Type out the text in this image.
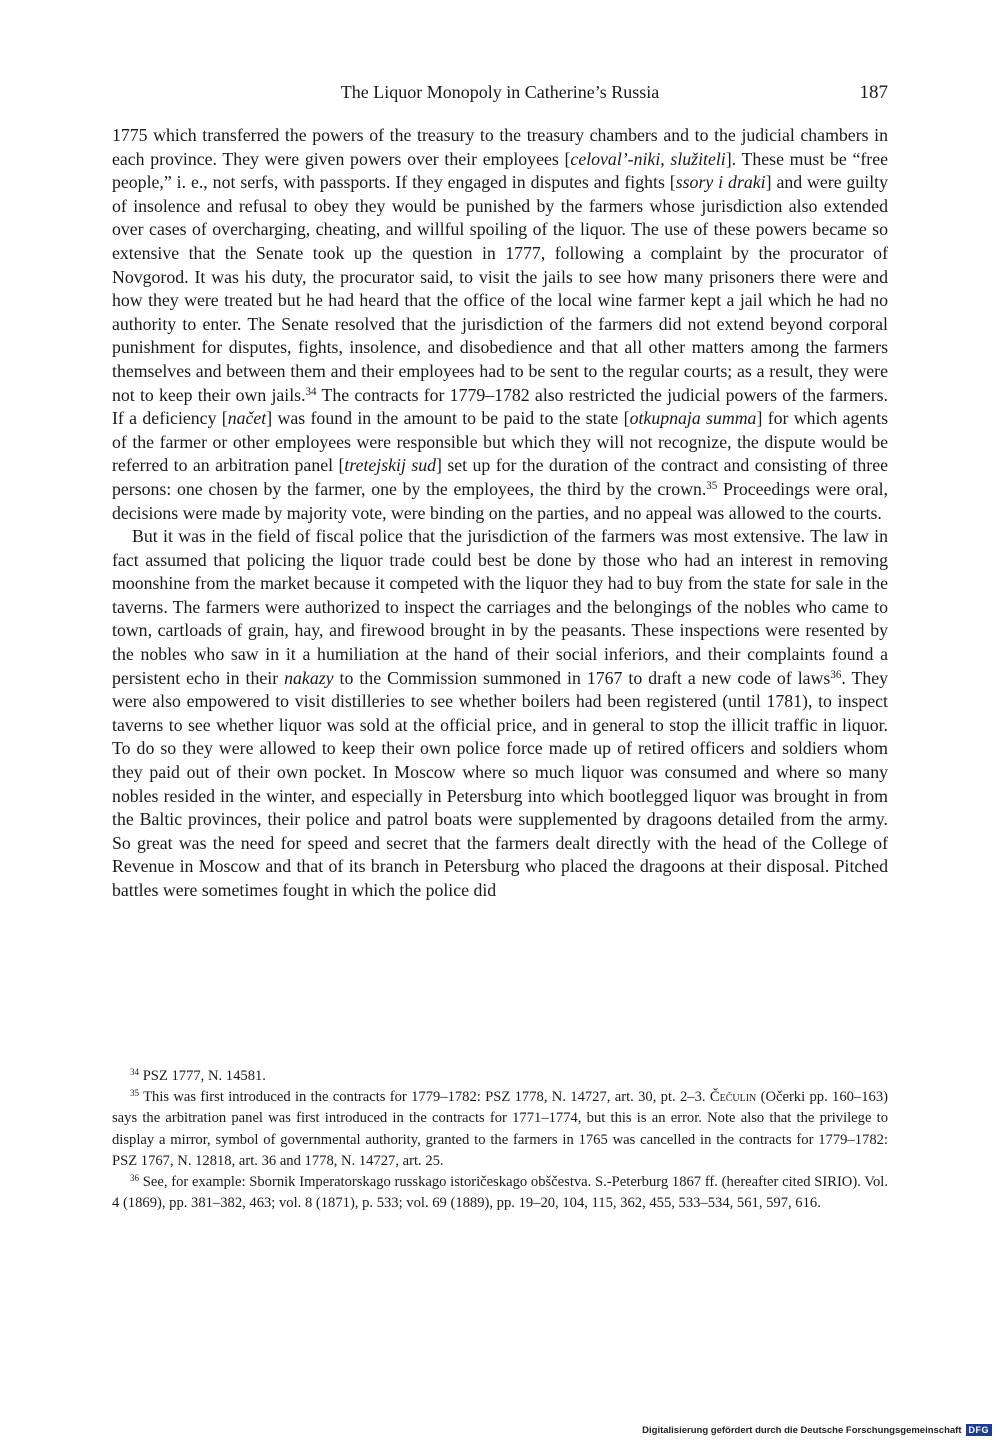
The Liquor Monopoly in Catherine’s Russia	187

1775 which transferred the powers of the treasury to the treasury chambers and to the judicial chambers in each province. They were given powers over their employees [celoval’-niki, služiteli]. These must be “free people,” i. e., not serfs, with passports. If they engaged in disputes and fights [ssory i draki] and were guilty of insolence and refusal to obey they would be punished by the farmers whose jurisdiction also extended over cases of overcharging, cheating, and willful spoiling of the liquor. The use of these powers became so extensive that the Senate took up the question in 1777, following a complaint by the procurator of Novgorod. It was his duty, the procurator said, to visit the jails to see how many prisoners there were and how they were treated but he had heard that the office of the local wine farmer kept a jail which he had no authority to enter. The Senate resolved that the jurisdiction of the farmers did not extend beyond corporal punishment for disputes, fights, insolence, and disobedience and that all other matters among the farmers themselves and between them and their employees had to be sent to the regular courts; as a result, they were not to keep their own jails.$^{34}$ The contracts for 1779–1782 also restricted the judicial powers of the farmers. If a deficiency [načet] was found in the amount to be paid to the state [otkupnaja summa] for which agents of the farmer or other employees were responsible but which they will not recognize, the dispute would be referred to an arbitration panel [tretejskij sud] set up for the duration of the contract and consisting of three persons: one chosen by the farmer, one by the employees, the third by the crown.$^{35}$ Proceedings were oral, decisions were made by majority vote, were binding on the parties, and no appeal was allowed to the courts.

But it was in the field of fiscal police that the jurisdiction of the farmers was most extensive. The law in fact assumed that policing the liquor trade could best be done by those who had an interest in removing moonshine from the market because it competed with the liquor they had to buy from the state for sale in the taverns. The farmers were authorized to inspect the carriages and the belongings of the nobles who came to town, cartloads of grain, hay, and firewood brought in by the peasants. These inspections were resented by the nobles who saw in it a humiliation at the hand of their social inferiors, and their complaints found a persistent echo in their nakazy to the Commission summoned in 1767 to draft a new code of laws$^{36}$. They were also empowered to visit distilleries to see whether boilers had been registered (until 1781), to inspect taverns to see whether liquor was sold at the official price, and in general to stop the illicit traffic in liquor. To do so they were allowed to keep their own police force made up of retired officers and soldiers whom they paid out of their own pocket. In Moscow where so much liquor was consumed and where so many nobles resided in the winter, and especially in Petersburg into which bootlegged liquor was brought in from the Baltic provinces, their police and patrol boats were supplemented by dragoons detailed from the army. So great was the need for speed and secret that the farmers dealt directly with the head of the College of Revenue in Moscow and that of its branch in Petersburg who placed the dragoons at their disposal. Pitched battles were sometimes fought in which the police did

$^{34}$ PSZ 1777, N. 14581.

$^{35}$ This was first introduced in the contracts for 1779–1782: PSZ 1778, N. 14727, art. 30, pt. 2–3. Čečulin (Očerki pp. 160–163) says the arbitration panel was first introduced in the contracts for 1771–1774, but this is an error. Note also that the privilege to display a mirror, symbol of governmental authority, granted to the farmers in 1765 was cancelled in the contracts for 1779–1782: PSZ 1767, N. 12818, art. 36 and 1778, N. 14727, art. 25.

$^{36}$ See, for example: Sbornik Imperatorskago russkago istoričeskago obščestva. S.-Peterburg 1867 ff. (hereafter cited SIRIO). Vol. 4 (1869), pp. 381–382, 463; vol. 8 (1871), p. 533; vol. 69 (1889), pp. 19–20, 104, 115, 362, 455, 533–534, 561, 597, 616.

Digitalisierung gefördert durch die Deutsche Forschungsgemeinschaft DFG
